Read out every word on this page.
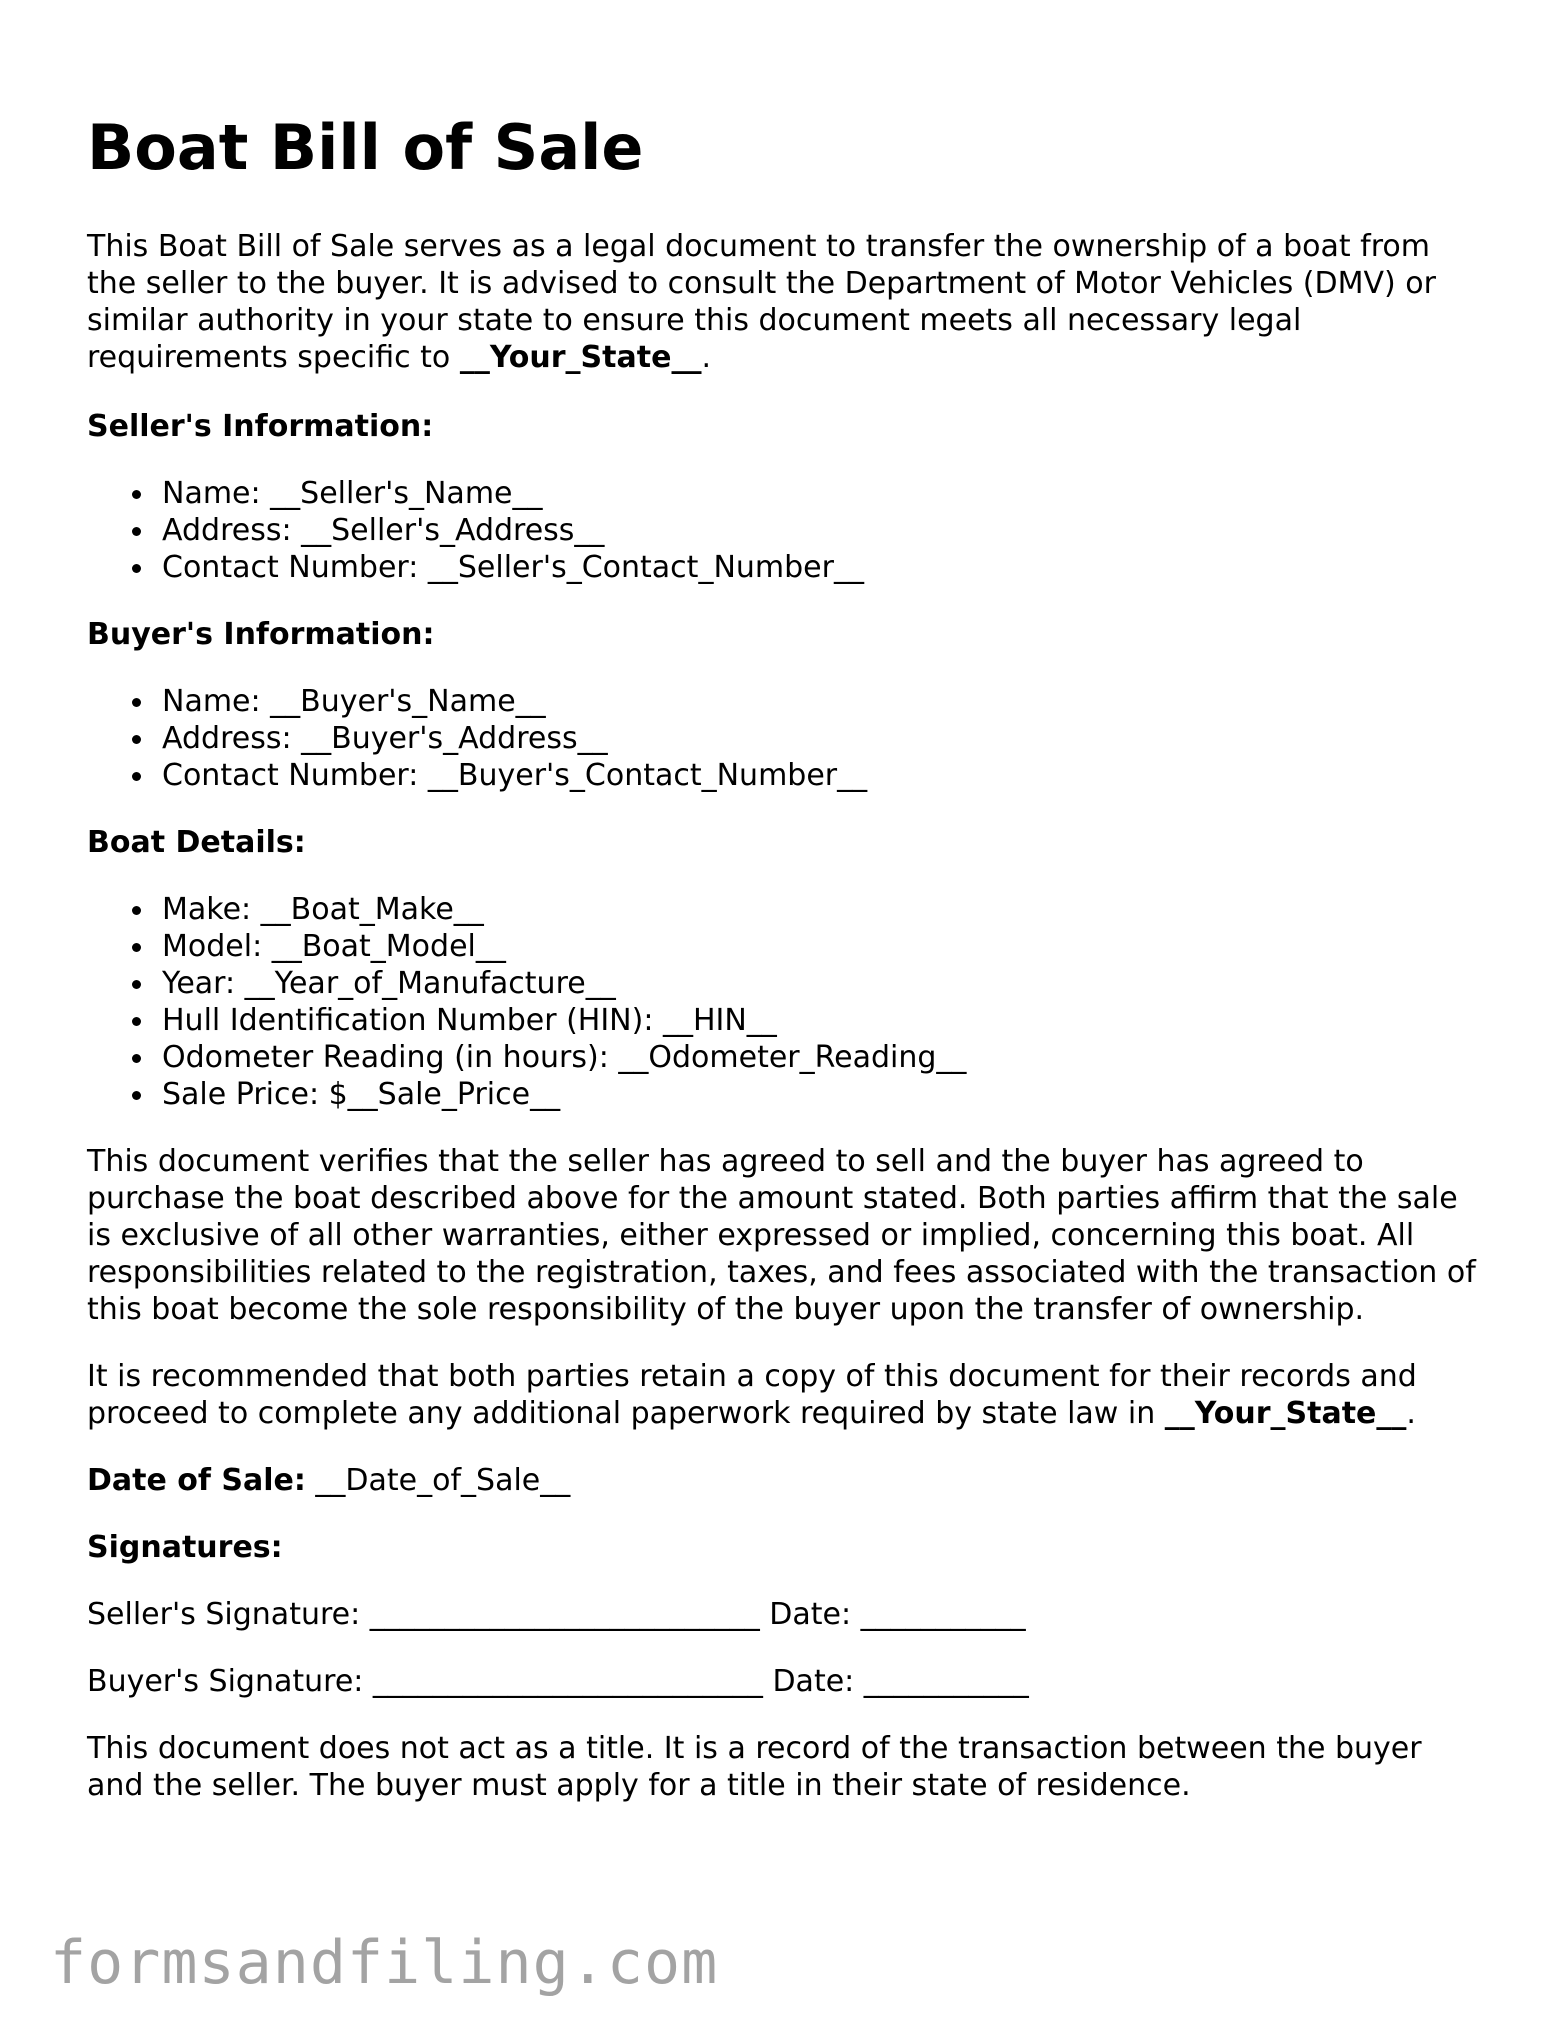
Boat Bill of Sale

This Boat Bill of Sale serves as a legal document to transfer the ownership of a boat from the seller to the buyer. It is advised to consult the Department of Motor Vehicles (DMV) or similar authority in your state to ensure this document meets all necessary legal requirements specific to __Your_State__.

Seller's Information:
Name: __Seller's_Name__
Address: __Seller's_Address__
Contact Number: __Seller's_Contact_Number__
Buyer's Information:
Name: __Buyer's_Name__
Address: __Buyer's_Address__
Contact Number: __Buyer's_Contact_Number__
Boat Details:
Make: __Boat_Make__
Model: __Boat_Model__
Year: __Year_of_Manufacture__
Hull Identification Number (HIN): __HIN__
Odometer Reading (in hours): __Odometer_Reading__
Sale Price: $__Sale_Price__

This document verifies that the seller has agreed to sell and the buyer has agreed to purchase the boat described above for the amount stated. Both parties affirm that the sale is exclusive of all other warranties, either expressed or implied, concerning this boat. All responsibilities related to the registration, taxes, and fees associated with the transaction of this boat become the sole responsibility of the buyer upon the transfer of ownership.

It is recommended that both parties retain a copy of this document for their records and proceed to complete any additional paperwork required by state law in __Your_State__.

Date of Sale: __Date_of_Sale__

Signatures:

Seller's Signature: __________________________ Date: ___________

Buyer's Signature: __________________________ Date: ___________

This document does not act as a title. It is a record of the transaction between the buyer and the seller. The buyer must apply for a title in their state of residence.

formsandfiling.com
